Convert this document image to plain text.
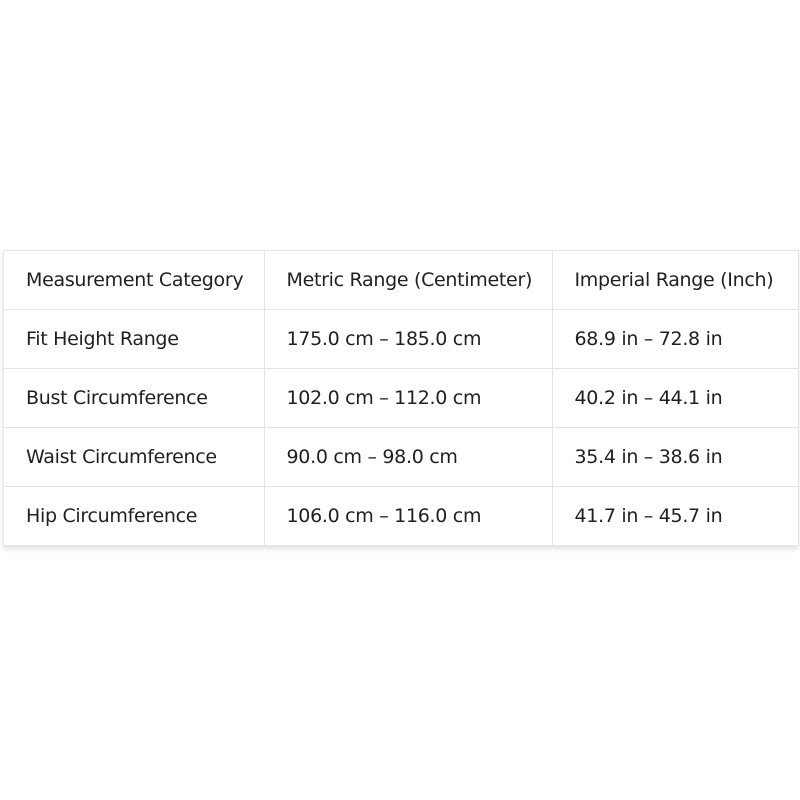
Measurement Category	Metric Range (Centimeter)	Imperial Range (Inch)
Fit Height Range	175.0 cm – 185.0 cm	68.9 in – 72.8 in
Bust Circumference	102.0 cm – 112.0 cm	40.2 in – 44.1 in
Waist Circumference	90.0 cm – 98.0 cm	35.4 in – 38.6 in
Hip Circumference	106.0 cm – 116.0 cm	41.7 in – 45.7 in
